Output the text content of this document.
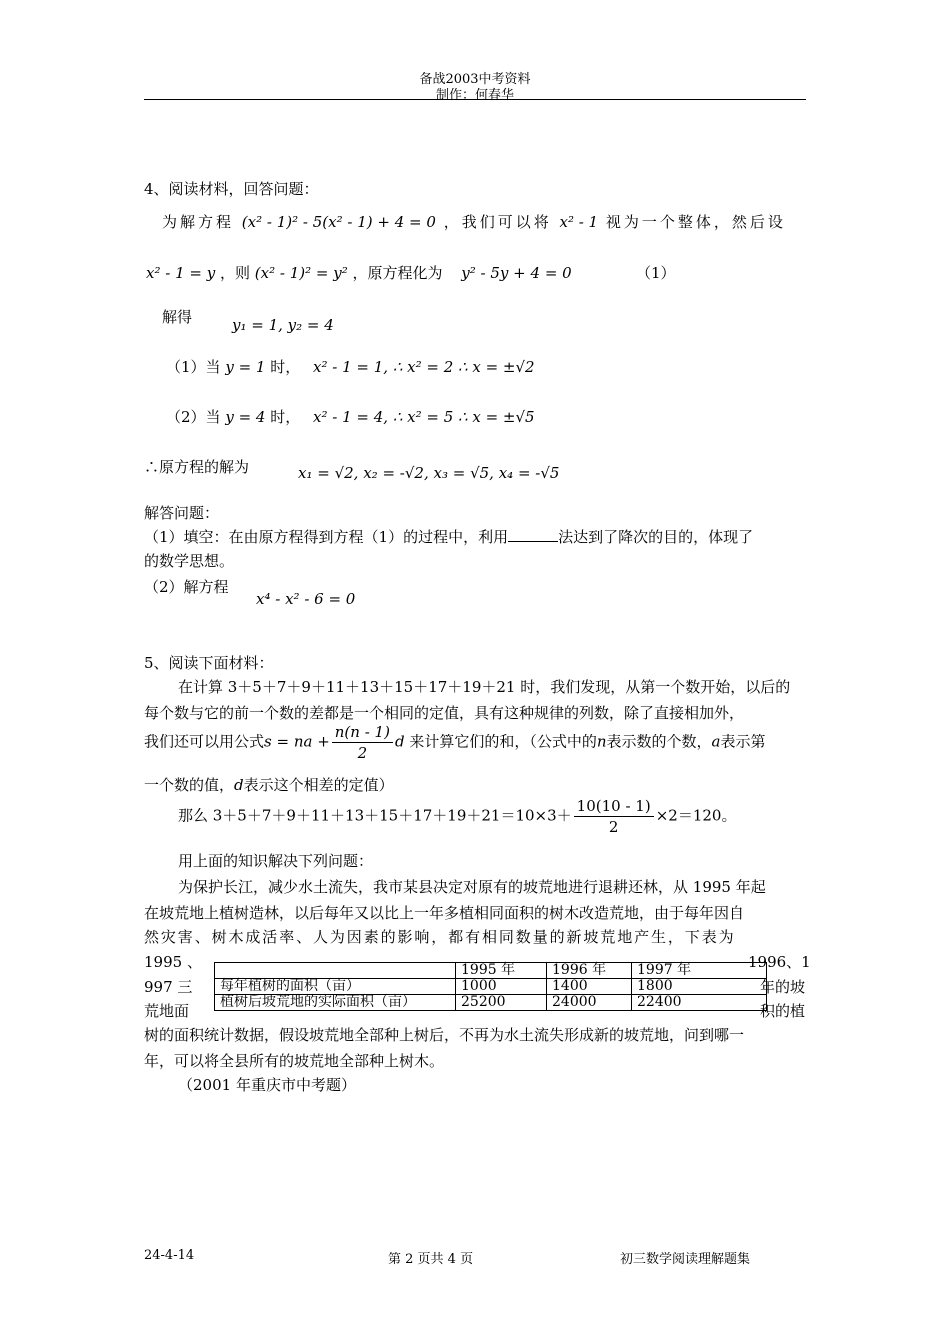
备战2003中考资料
制作：何春华
4、阅读材料，回答问题：
为解方程 (x² - 1)² - 5(x² - 1) + 4 = 0 ，我们可以将 x² - 1 视为一个整体，然后设
x² - 1 = y ，则 (x² - 1)² = y² ，原方程化为 y² - 5y + 4 = 0	（1）
解得	y₁ = 1, y₂ = 4
（1）当 y = 1 时， x² - 1 = 1, ∴ x² = 2 ∴ x = ±√2
（2）当 y = 4 时， x² - 1 = 4, ∴ x² = 5 ∴ x = ±√5
∴原方程的解为	x₁ = √2, x₂ = -√2, x₃ = √5, x₄ = -√5
解答问题：
（1）填空：在由原方程得到方程（1）的过程中，利用	法达到了降次的目的，体现了
的数学思想。
（2）解方程
x⁴ - x² - 6 = 0
5、阅读下面材料：
在计算 3＋5＋7＋9＋11＋13＋15＋17＋19＋21 时，我们发现，从第一个数开始，以后的
每个数与它的前一个数的差都是一个相同的定值，具有这种规律的列数，除了直接相加外，
我们还可以用公式s = na + $\frac{n(n - 1)}{2}$ d 来计算它们的和，（公式中的n表示数的个数，a表示第
一个数的值，d表示这个相差的定值）
那么 $3+5+7+9+11+13+15+17+19+21=10\times 3+ \frac{10(10 - 1)}{2} \times 2=120$。
用上面的知识解决下列问题：
为保护长江，减少水土流失，我市某县决定对原有的坡荒地进行退耕还林，从 1995 年起
在坡荒地上植树造林，以后每年又以比上一年多植相同面积的树木改造荒地，由于每年因自
然灾害、树木成活率、人为因素的影响，都有相同数量的新坡荒地产生，下表为
1995 、	1996、1
997 三	年的坡
荒地面	积的植
	1995 年	1996 年	1997 年
每年植树的面积（亩）	1000	1400	1800
植树后坡荒地的实际面积（亩）	25200	24000	22400
树的面积统计数据，假设坡荒地全部种上树后，不再为水土流失形成新的坡荒地，问到哪一
年，可以将全县所有的坡荒地全部种上树木。
（2001 年重庆市中考题）
24-4-14	第 2 页共 4 页	初三数学阅读理解题集
